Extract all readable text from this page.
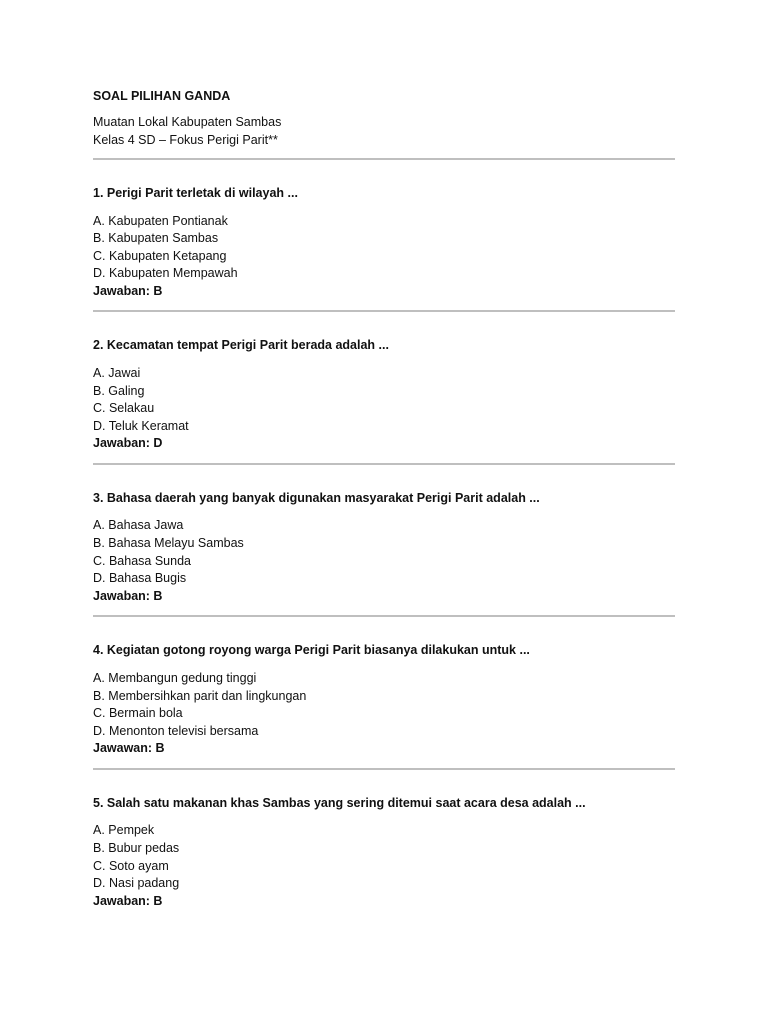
SOAL PILIHAN GANDA
Muatan Lokal Kabupaten Sambas
Kelas 4 SD – Fokus Perigi Parit**
1. Perigi Parit terletak di wilayah ...
A. Kabupaten Pontianak
B. Kabupaten Sambas
C. Kabupaten Ketapang
D. Kabupaten Mempawah
Jawaban: B
2. Kecamatan tempat Perigi Parit berada adalah ...
A. Jawai
B. Galing
C. Selakau
D. Teluk Keramat
Jawaban: D
3. Bahasa daerah yang banyak digunakan masyarakat Perigi Parit adalah ...
A. Bahasa Jawa
B. Bahasa Melayu Sambas
C. Bahasa Sunda
D. Bahasa Bugis
Jawaban: B
4. Kegiatan gotong royong warga Perigi Parit biasanya dilakukan untuk ...
A. Membangun gedung tinggi
B. Membersihkan parit dan lingkungan
C. Bermain bola
D. Menonton televisi bersama
Jawawan: B
5. Salah satu makanan khas Sambas yang sering ditemui saat acara desa adalah ...
A. Pempek
B. Bubur pedas
C. Soto ayam
D. Nasi padang
Jawaban: B
